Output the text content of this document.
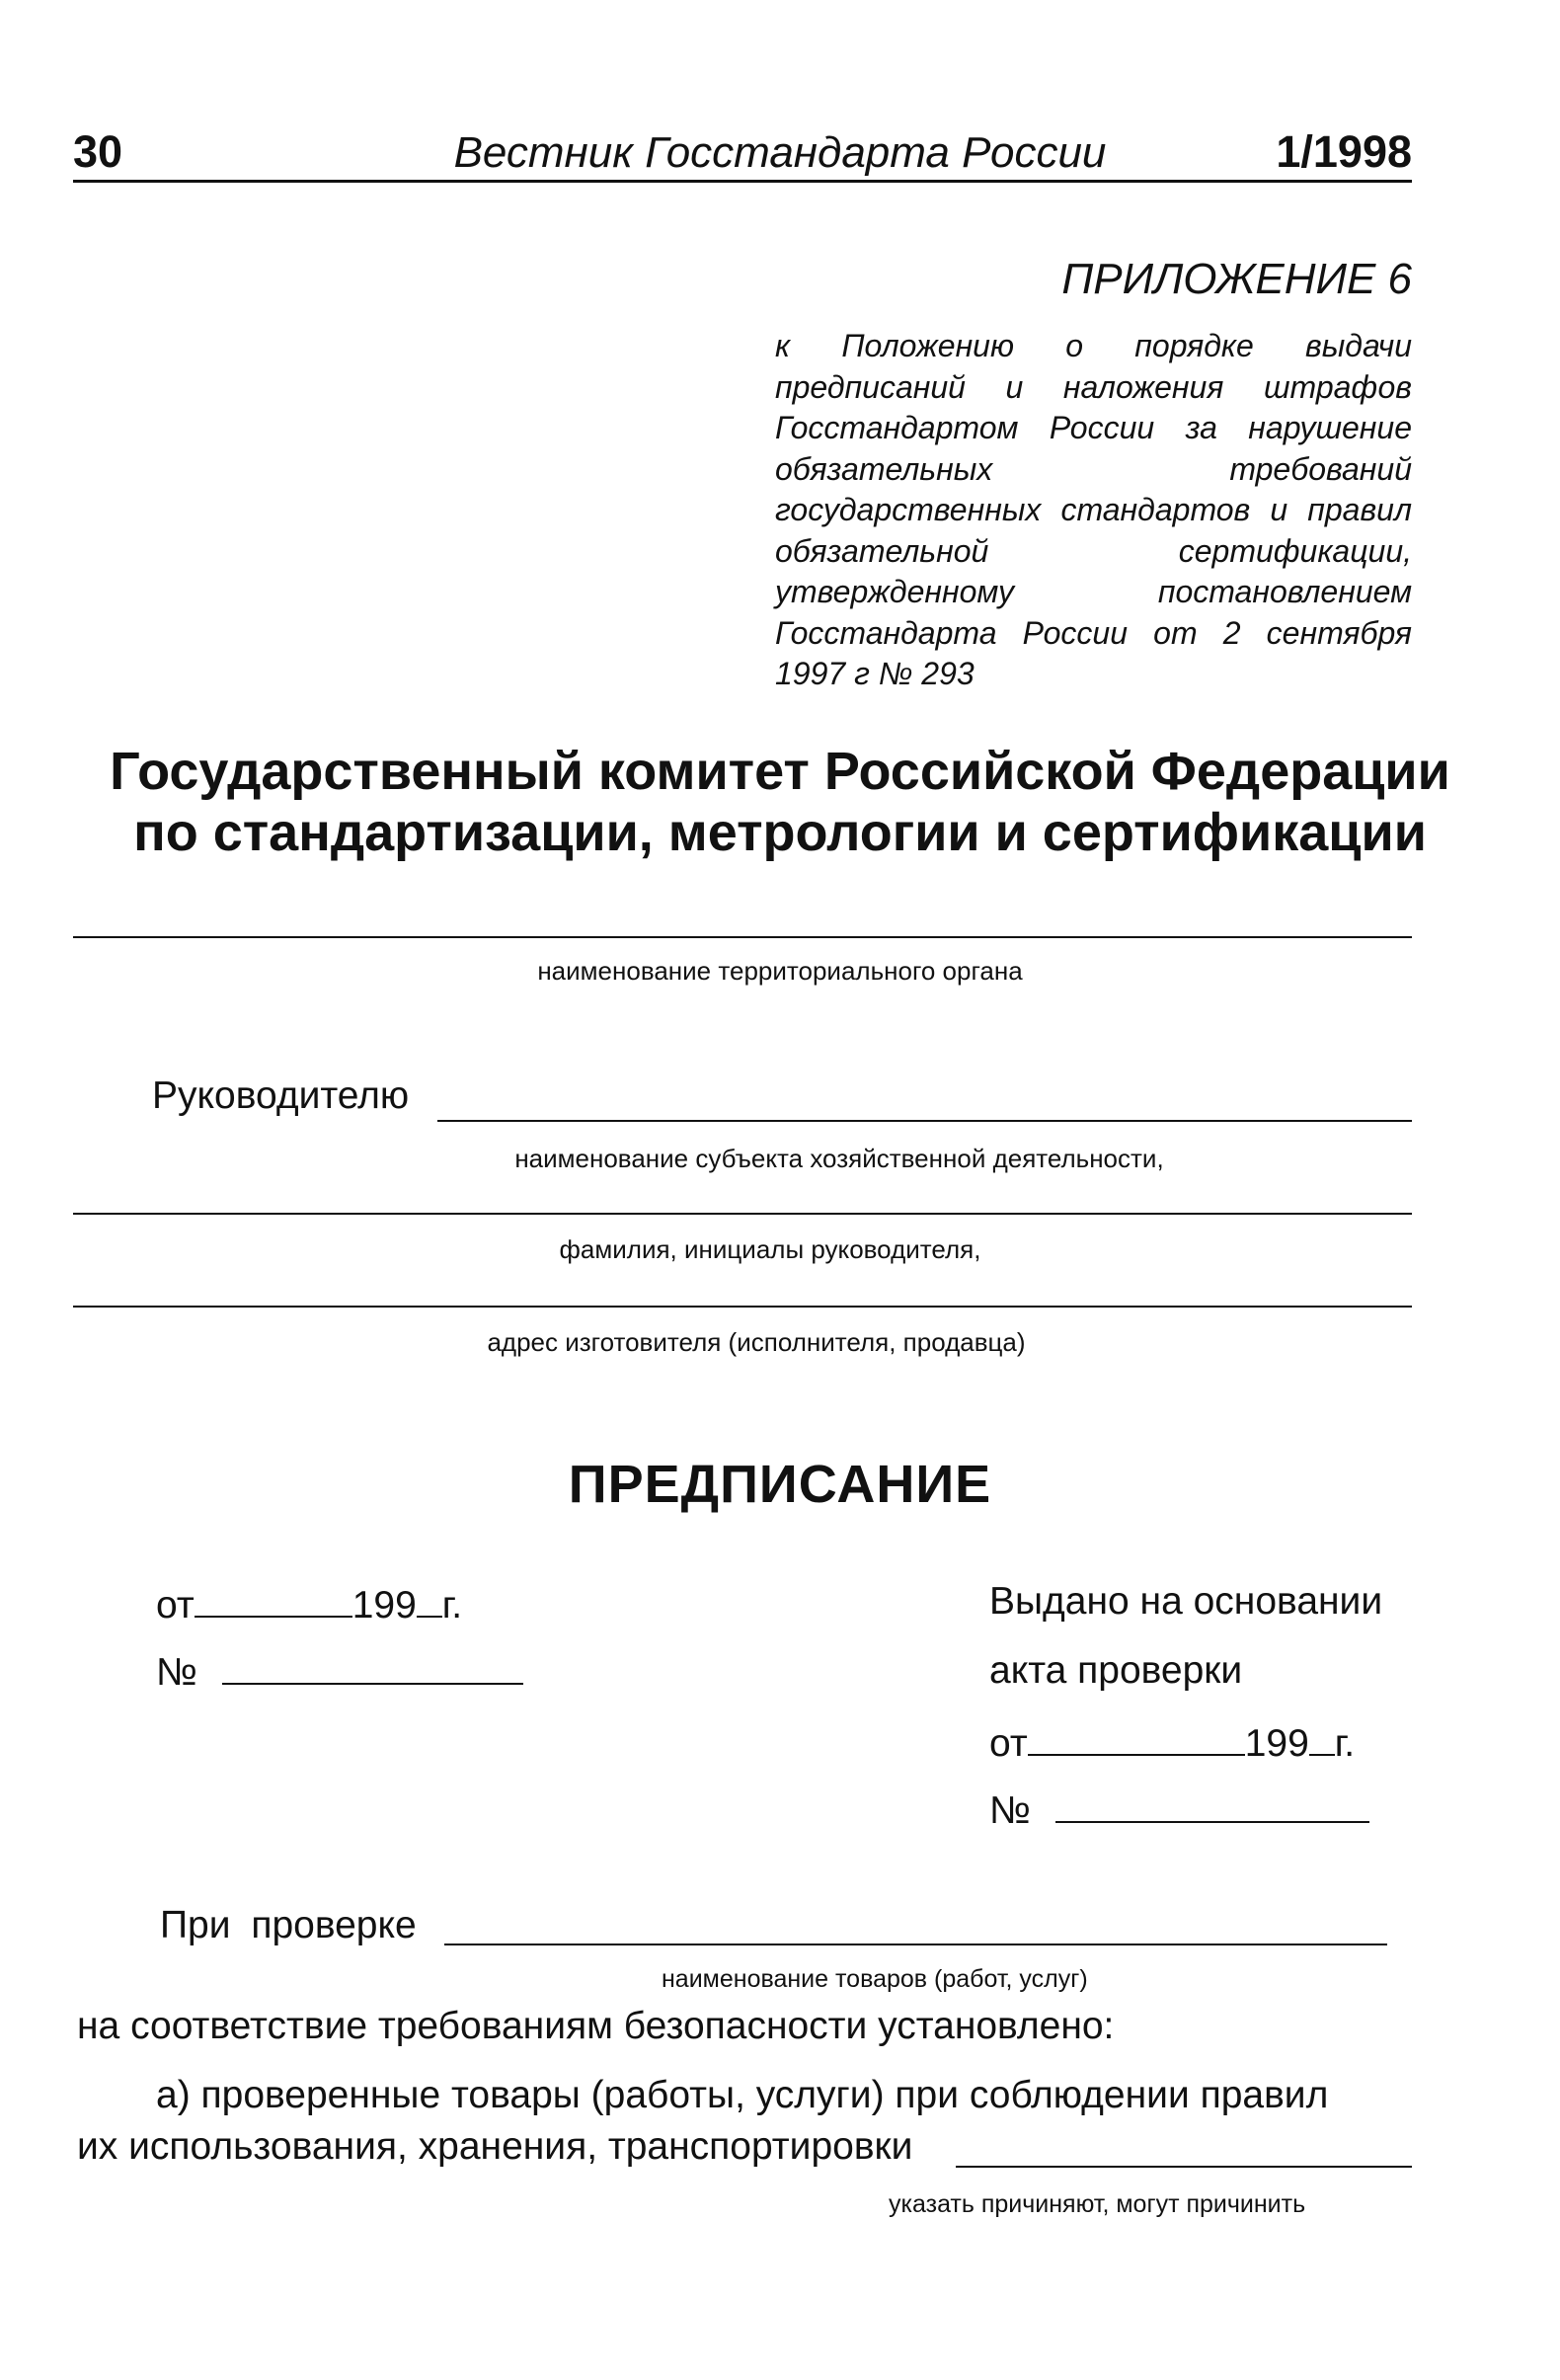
30	Вестник Госстандарта России	1/1998
ПРИЛОЖЕНИЕ 6
к Положению о порядке выдачи предписаний и наложения штрафов Госстандартом России за нарушение обязательных требований государственных стандартов и правил обязательной сертификации, утвержденному постановлением Госстандарта России от 2 сентября 1997 г № 293
Государственный комитет Российской Федерации
по стандартизации, метрологии и сертификации
наименование территориального органа
Руководителю
наименование субъекта хозяйственной деятельности,
фамилия, инициалы руководителя,
адрес изготовителя (исполнителя, продавца)
ПРЕДПИСАНИЕ
от	199 г.
№
Выдано на основании
акта проверки
от	199 г.
№
При проверке
наименование товаров (работ, услуг)
на соответствие требованиям безопасности установлено:
а) проверенные товары (работы, услуги) при соблюдении правил
их использования, хранения, транспортировки
указать причиняют, могут причинить
